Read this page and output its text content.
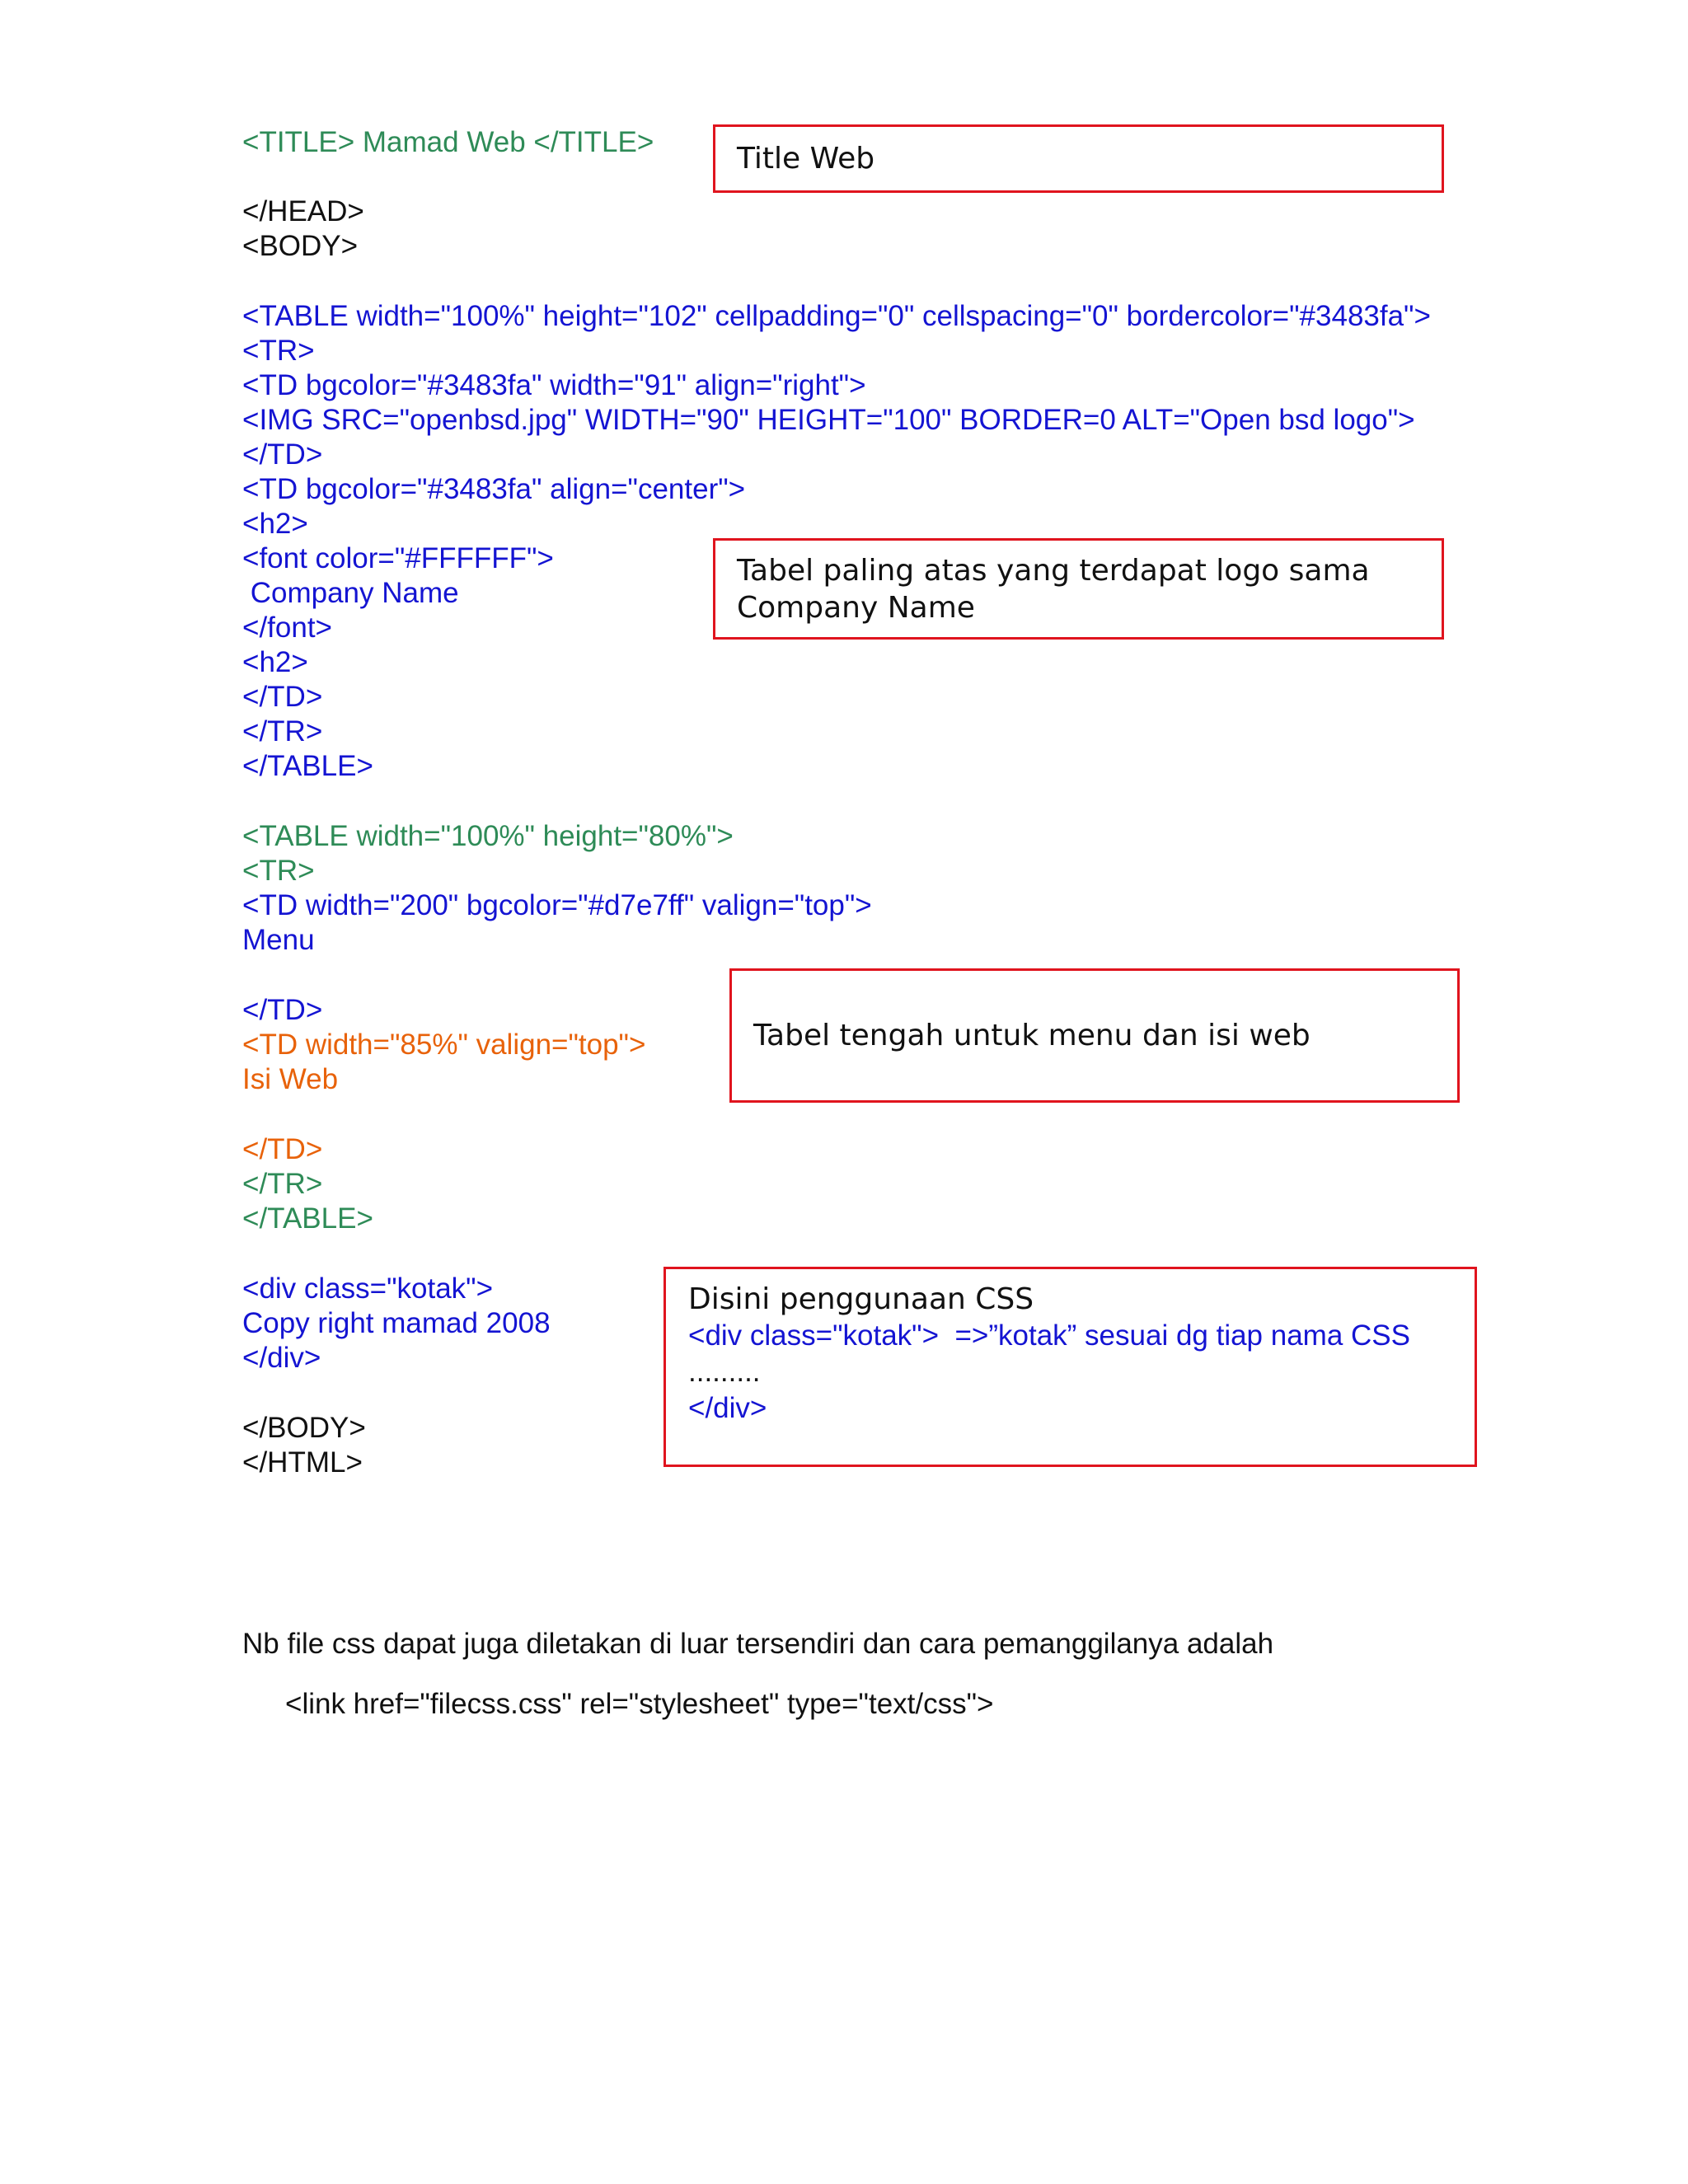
<TITLE> Mamad Web </TITLE>
</HEAD>
<BODY>
<TABLE width="100%" height="102" cellpadding="0" cellspacing="0" bordercolor="#3483fa">
<TR>
<TD bgcolor="#3483fa" width="91" align="right">
<IMG SRC="openbsd.jpg" WIDTH="90" HEIGHT="100" BORDER=0 ALT="Open bsd logo">
</TD>
<TD bgcolor="#3483fa" align="center">
<h2>
<font color="#FFFFFF">
Company Name
</font>
<h2>
</TD>
</TR>
</TABLE>
<TABLE width="100%" height="80%">
<TR>
<TD width="200" bgcolor="#d7e7ff" valign="top">
Menu
</TD>
<TD width="85%" valign="top">
Isi Web
</TD>
</TR>
</TABLE>
<div class="kotak">
Copy right mamad 2008
</div>
</BODY>
</HTML>
Title Web
Tabel paling atas yang terdapat logo sama
Company Name
Tabel tengah untuk menu dan isi web
Disini penggunaan CSS
<div class="kotak">  =>”kotak” sesuai dg tiap nama CSS
.........
</div>
Nb file css dapat juga diletakan di luar tersendiri dan cara pemanggilanya adalah
<link href="filecss.css" rel="stylesheet" type="text/css">
